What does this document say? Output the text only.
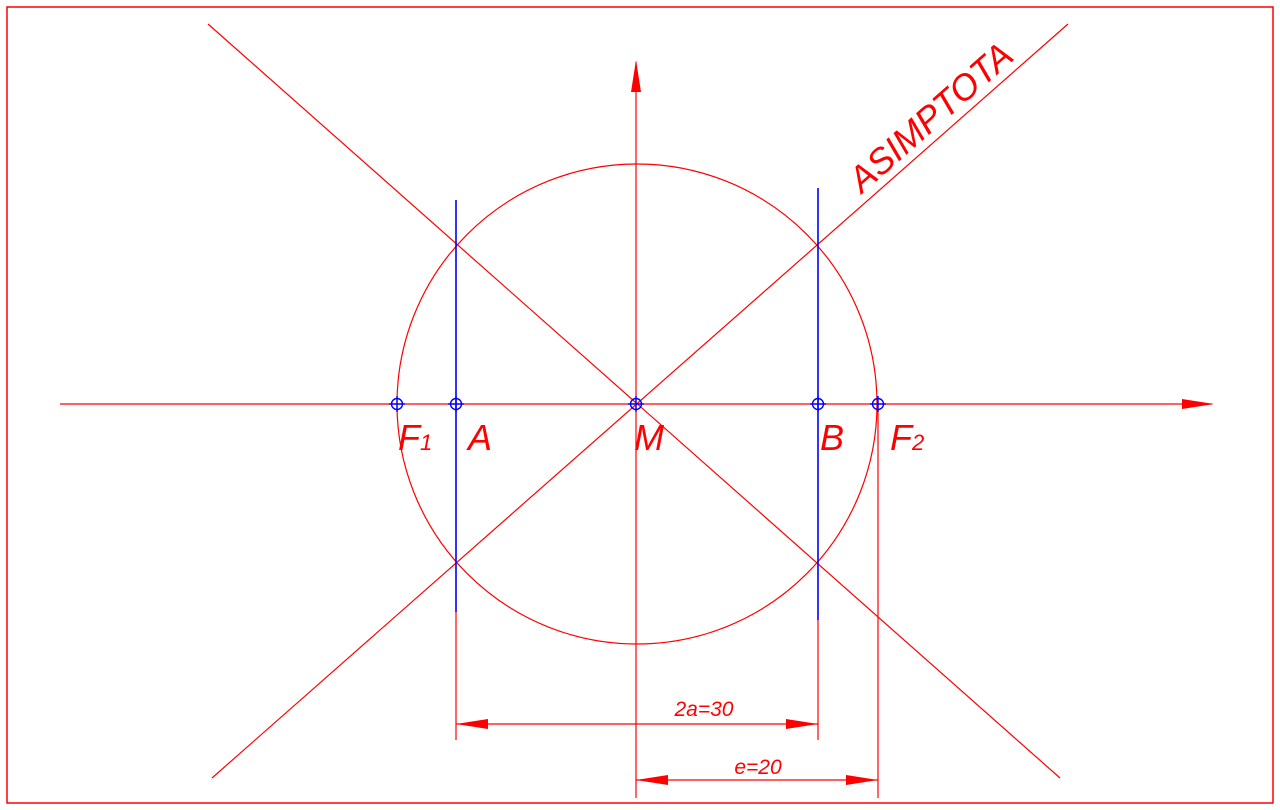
F1 A	M	B F2
2a=30
e=20
ASIMPTOTA
